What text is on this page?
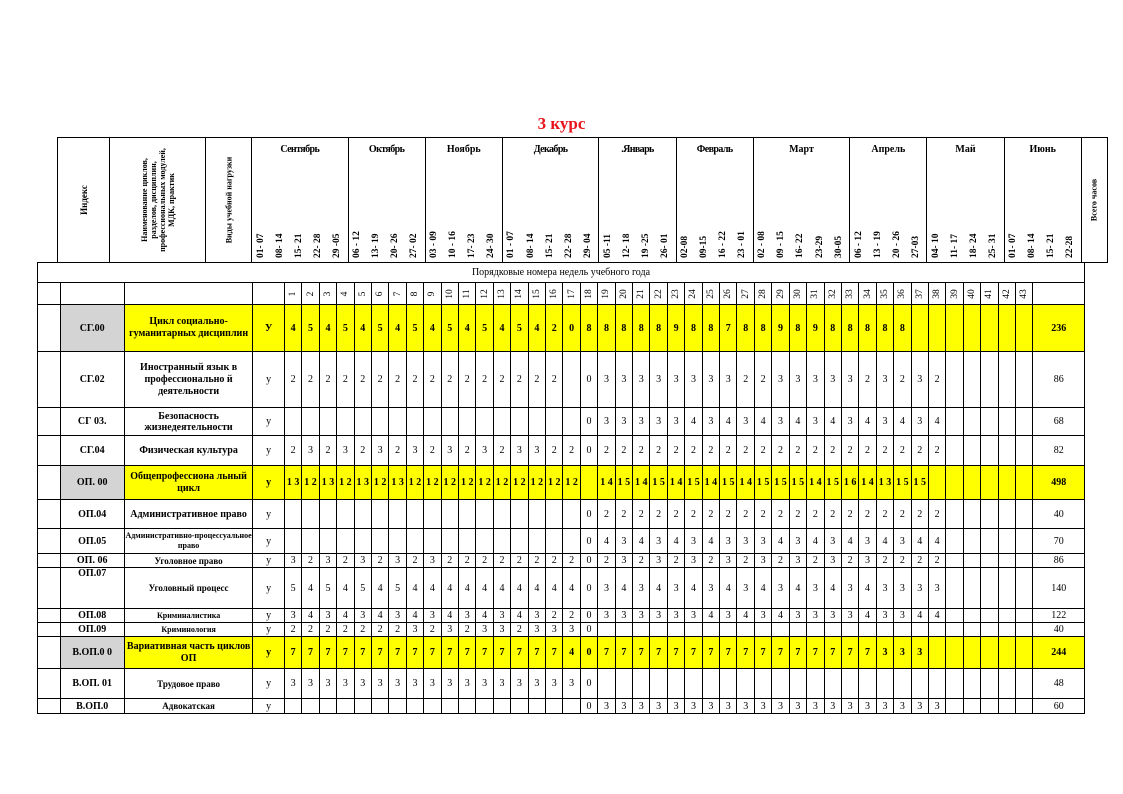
3 курс
Индекс	Наименование циклов, разделов, дисциплин, профессиональных модулей, МДК, практик	Виды учебной нагрузки

Сентябрь
01- 07 08- 14 15- 21 22- 28 29 -05

Октябрь
06 - 12 13- 19 20- 26 27- 02

Ноябрь
03 - 09 10 - 16 17- 23 24- 30

Декабрь
01 - 07 08- 14 15- 21 22- 28 29- 04

.Январь
05 -11 12- 18 19 -25 26- 01

Февраль
02-08 09-15 16 - 22 23 - 01

Март
02 - 08 09 - 15 16- 22 23-29 30-05

Апрель
06 - 12 13 - 19 20 - 26 27-03

Май
04- 10 11- 17 18- 24 25- 31

Июнь
01- 07 08- 14 15- 21 22-28

Всего часов
Порядковые номера недель учебного года																																															

				1	2	3	4	5	6	7	8	9	10	11	12	13	14	15	16	17	18	19	20	21	22	23	24	25	26	27	28	29	30	31	32	33	34	35	36	37	38	39	40	41	42	43	

	СГ.00	Цикл социально-гуманитарных дисциплин	У	4	5	4	5	4	5	4	5	4	5	4	5	4	5	4	2	0	8	8	8	8	8	9	8	8	7	8	8	9	8	9	8	8	8	8	8								236
	СГ.02	Иностранный язык в профессионально й деятельности	у	2	2	2	2	2	2	2	2	2	2	2	2	2	2	2	2		0	3	3	3	3	3	3	3	3	2	2	3	3	3	3	3	2	3	2	3	2						86
	СГ 03.	Безопасность жизнедеятельности	у																		0	3	3	3	3	3	4	3	4	3	4	3	4	3	4	3	4	3	4	3	4						68
	СГ.04	Физическая культура	у	2	3	2	3	2	3	2	3	2	3	2	3	2	3	3	2	2	0	2	2	2	2	2	2	2	2	2	2	2	2	2	2	2	2	2	2	2	2						82
	ОП. 00	Общепрофессиона льный цикл	у	1 3	1 2	1 3	1 2	1 3	1 2	1 3	1 2	1 2	1 2	1 2	1 2	1 2	1 2	1 2	1 2	1 2		1 4	1 5	1 4	1 5	1 4	1 5	1 4	1 5	1 4	1 5	1 5	1 5	1 4	1 5	1 6	1 4	1 3	1 5	1 5							498
	ОП.04	Административное право	у																		0	2	2	2	2	2	2	2	2	2	2	2	2	2	2	2	2	2	2	2	2						40
	ОП.05	Административно-процессуальное право	у																		0	4	3	4	3	4	3	4	3	3	3	4	3	4	3	4	3	4	3	4	4						70
	ОП. 06	Уголовное право	у	3	2	3	2	3	2	3	2	3	2	2	2	2	2	2	2	2	0	2	3	2	3	2	3	2	3	2	3	2	3	2	3	2	3	2	2	2	2						86
	ОП.07	Уголовный процесс	у	5	4	5	4	5	4	5	4	4	4	4	4	4	4	4	4	4	0	3	4	3	4	3	4	3	4	3	4	3	4	3	4	3	4	3	3	3	3						140
	ОП.08	Криминалистика	у	3	4	3	4	3	4	3	4	3	4	3	4	3	4	3	2	2	0	3	3	3	3	3	3	4	3	4	3	4	3	3	3	3	4	3	3	4	4						122
	ОП.09	Криминология	у	2	2	2	2	2	2	2	3	2	3	2	3	3	2	3	3	3	0																										40
	В.ОП.0 0	Вариативная часть циклов ОП	у	7	7	7	7	7	7	7	7	7	7	7	7	7	7	7	7	4	0	7	7	7	7	7	7	7	7	7	7	7	7	7	7	7	7	3	3	3							244
	В.ОП. 01	Трудовое право	у	3	3	3	3	3	3	3	3	3	3	3	3	3	3	3	3	3	0																										48
	В.ОП.0	Адвокатская	у																		0	3	3	3	3	3	3	3	3	3	3	3	3	3	3	3	3	3	3	3	3						60
